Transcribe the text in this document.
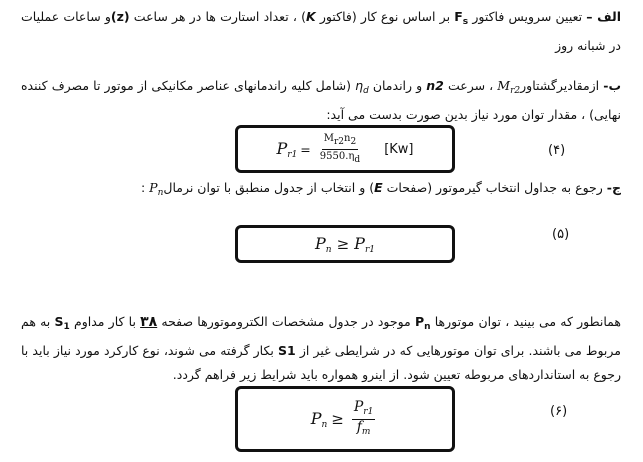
الف – تعیین سرویس فاکتور $F_s$ بر اساس نوع کار (فاکتور K) ، تعداد استارت ها در هر ساعت (z)و ساعات عملیات در شبانه روز
ب- ازمقادیرگشتاورM$_{r2}$ ، سرعت n2 و راندمان $\eta_d$ (شامل کلیه راندمانهای عناصر مکانیکی از موتور تا مصرف کننده نهایی) ، مقدار توان مورد نیاز بدین صورت بدست می آید:
$P_{r1} = \frac{M_{r2}n_2}{9550.\eta_d} [Kw]$	(۴)
ج- رجوع به جداول انتخاب گیرموتور (صفحات E) و انتخاب از جدول منطبق با توان نرمالP$_n$ :
$P_n \ge P_{r1}$
(۵)
همانطور که می بینید ، توان موتورها $P_n$ موجود در جدول مشخصات الکتروموتورها صفحه ۳۸ با کار مداوم $S_1$ به هم مربوط می باشند. برای توان موتورهایی که در شرایطی غیر از S1 بکار گرفته می شوند، نوع کارکرد مورد نیاز باید با رجوع به استانداردهای مربوطه تعیین شود. از اینرو همواره باید شرایط زیر فراهم گردد.
$P_n \ge \frac{P_{r1}}{f_m}$	(۶)
